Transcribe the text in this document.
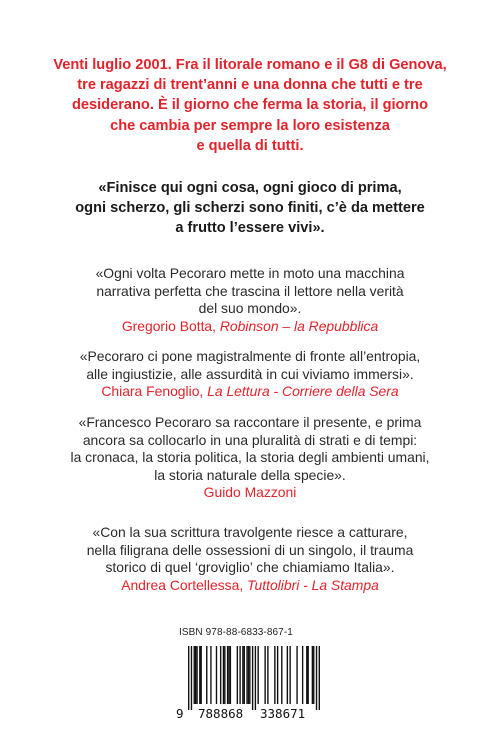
Venti luglio 2001. Fra il litorale romano e il G8 di Genova,
tre ragazzi di trent’anni e una donna che tutti e tre
desiderano. È il giorno che ferma la storia, il giorno
che cambia per sempre la loro esistenza
e quella di tutti.
«Finisce qui ogni cosa, ogni gioco di prima,
ogni scherzo, gli scherzi sono finiti, c’è da mettere
a frutto l’essere vivi».
«Ogni volta Pecoraro mette in moto una macchina
narrativa perfetta che trascina il lettore nella verità
del suo mondo».
Gregorio Botta, Robinson – la Repubblica
«Pecoraro ci pone magistralmente di fronte all’entropia,
alle ingiustizie, alle assurdità in cui viviamo immersi».
Chiara Fenoglio, La Lettura - Corriere della Sera
«Francesco Pecoraro sa raccontare il presente, e prima
ancora sa collocarlo in una pluralità di strati e di tempi:
la cronaca, la storia politica, la storia degli ambienti umani,
la storia naturale della specie».
Guido Mazzoni
«Con la sua scrittura travolgente riesce a catturare,
nella filigrana delle ossessioni di un singolo, il trauma
storico di quel ‘groviglio’ che chiamiamo Italia».
Andrea Cortellessa, Tuttolibri - La Stampa
ISBN 978-88-6833-867-1
9 788868 338671
